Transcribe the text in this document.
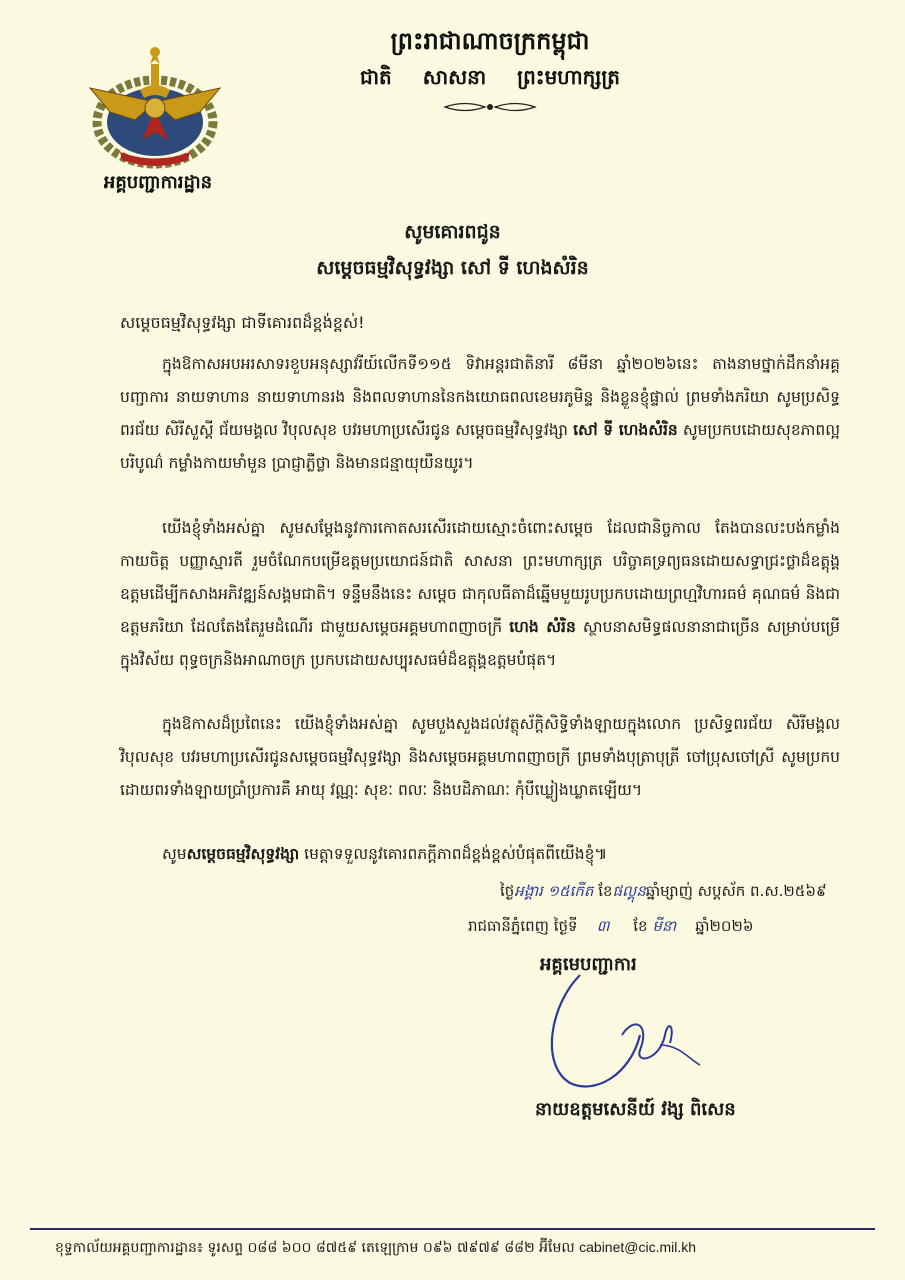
អគ្គបញ្ជាការដ្ឋាន
ព្រះរាជាណាចក្រកម្ពុជា
ជាតិ សាសនា ព្រះមហាក្សត្រ
សូមគោរពជូន
សម្តេចធម្មវិសុទ្ធវង្សា សៅ ទី ហេងសំរិន
សម្តេចធម្មវិសុទ្ធវង្សា ជាទីគោរពដ៏ខ្ពង់ខ្ពស់!

ក្នុងឱកាសអបអរសាទរខួបអនុស្សាវរីយ៍លើកទី១១៥ ទិវាអន្តរជាតិនារី ៨មីនា ឆ្នាំ២០២៦នេះ តាងនាមថ្នាក់ដឹកនាំអគ្គបញ្ជាការ នាយទាហាន នាយទាហានរង និងពលទាហាននៃកងយោធពលខេមរភូមិន្ទ និងខ្លួនខ្ញុំផ្ទាល់ ព្រមទាំងភរិយា សូមប្រសិទ្ធពរជ័យ សិរីសួស្តី ជ័យមង្គល វិបុលសុខ បវរមហាប្រសើរជូន សម្តេចធម្មវិសុទ្ធវង្សា សៅ ទី ហេងសំរិន សូមប្រកបដោយសុខភាពល្អបរិបូណ៌ កម្លាំងកាយមាំមួន ប្រាជ្ញាភ្លឺថ្លា និងមានជន្មាយុយឺនយូរ។

យើងខ្ញុំទាំងអស់គ្នា សូមសម្តែងនូវការកោតសរសើរដោយស្មោះចំពោះសម្តេច ដែលជានិច្ចកាល តែងបានលះបង់កម្លាំងកាយចិត្ត បញ្ញាស្មារតី រួមចំណែកបម្រើឧត្តមប្រយោជន៍ជាតិ សាសនា ព្រះមហាក្សត្រ បរិច្ចាគទ្រព្យធនដោយសទ្ធាជ្រះថ្លាដ៏ឧត្តុង្គឧត្តមដើម្បីកសាងអភិវឌ្ឍន៍សង្គមជាតិ។ ទន្ទឹមនឹងនេះ សម្តេច ជាកុលធីតាដ៏ឆ្នើមមួយរូបប្រកបដោយព្រហ្មវិហារធម៌ គុណធម៌ និងជាឧត្តមភរិយា ដែលតែងតែរួមដំណើរ ជាមួយសម្តេចអគ្គមហាពញាចក្រី ហេង សំរិន ស្ថាបនាសមិទ្ធផលនានាជាច្រើន សម្រាប់បម្រើក្នុងវិស័យ ពុទ្ធចក្រនិងអាណាចក្រ ប្រកបដោយសប្បុរសធម៌ដ៏ឧត្តុង្គឧត្តមបំផុត។

ក្នុងឱកាសដ៏ប្រពៃនេះ យើងខ្ញុំទាំងអស់គ្នា សូមបួងសួងដល់វត្ថុស័ក្តិសិទ្ធិទាំងឡាយក្នុងលោក ប្រសិទ្ធពរជ័យ សិរីមង្គល វិបុលសុខ បវរមហាប្រសើរជូនសម្តេចធម្មវិសុទ្ធវង្សា និងសម្តេចអគ្គមហាពញាចក្រី ព្រមទាំងបុត្រាបុត្រី ចៅប្រុសចៅស្រី សូមប្រកបដោយពរទាំងឡាយប្រាំប្រការគឺ អាយុ វណ្ណៈ សុខៈ ពលៈ និងបដិភាណៈ កុំបីឃ្លៀងឃ្លាតឡើយ។

សូមសម្តេចធម្មវិសុទ្ធវង្សា មេត្តាទទួលនូវគោរពភក្តីភាពដ៏ខ្ពង់ខ្ពស់បំផុតពីយើងខ្ញុំ៕

ថ្ងៃអង្គារ ១៥កើត ខែផល្គុនឆ្នាំម្សាញ់ សប្តស័ក ព.ស.២៥៦៩
រាជធានីភ្នំពេញ ថ្ងៃទី ៣ ខែ មីនា ឆ្នាំ២០២៦
អគ្គមេបញ្ជាការ
នាយឧត្តមសេនីយ៍ វង្ស ពិសេន
ខុទ្ទកាល័យអគ្គបញ្ជាការដ្ឋាន៖ ទូរសព្ទ ០៨៨ ៦០០ ៨៧៥៩ តេឡេក្រាម ០៩៦ ៧៩៧៩ ៨៨២ អ៊ីមែល cabinet@cic.mil.kh
